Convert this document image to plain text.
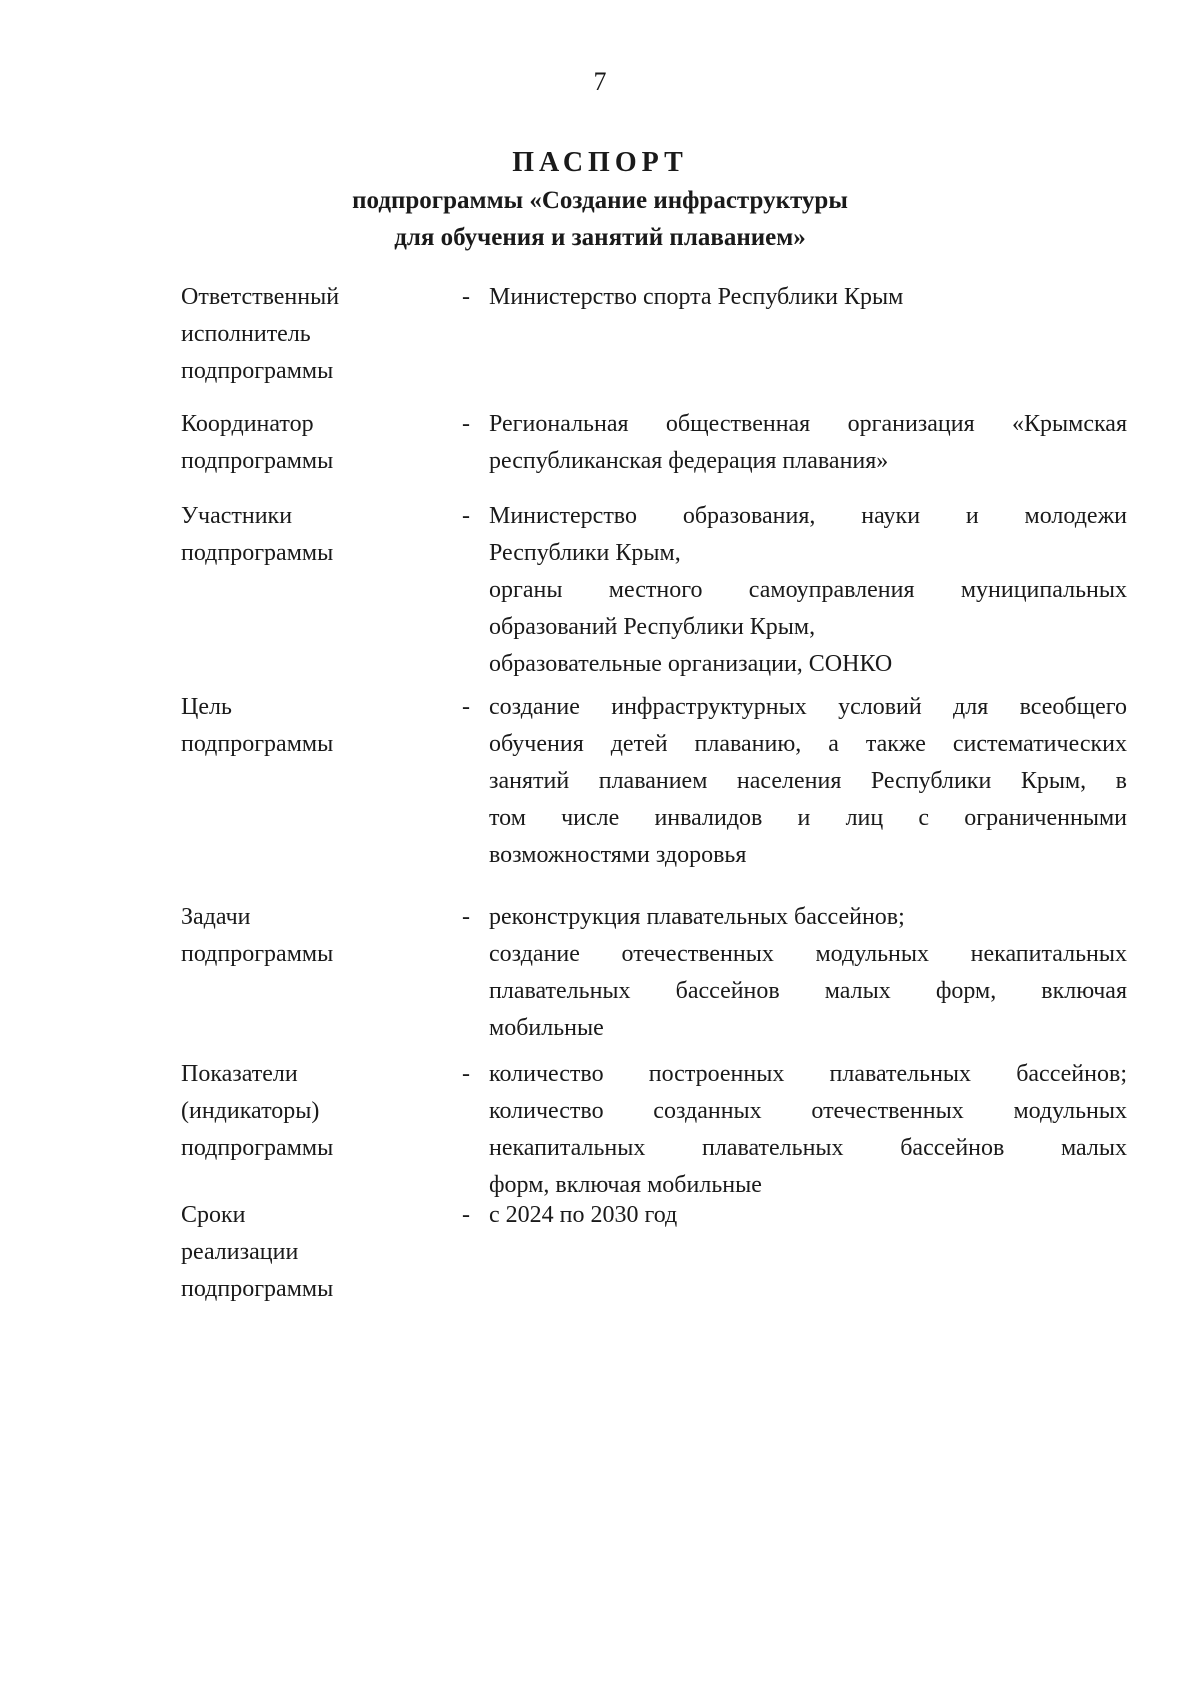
7
ПАСПОРТ
подпрограммы «Создание инфраструктуры
для обучения и занятий плаванием»
Ответственный
исполнитель
подпрограммы
- Министерство спорта Республики Крым
Координатор
подпрограммы
- Региональная общественная организация «Крымская
республиканская федерация плавания»
Участники
подпрограммы
- Министерство образования, науки и молодежи
Республики Крым,
органы местного самоуправления муниципальных
образований Республики Крым,
образовательные организации, СОНКО
Цель
подпрограммы
- создание инфраструктурных условий для всеобщего
обучения детей плаванию, а также систематических
занятий плаванием населения Республики Крым, в
том числе инвалидов и лиц с ограниченными
возможностями здоровья
Задачи
подпрограммы
- реконструкция плавательных бассейнов;
создание отечественных модульных некапитальных
плавательных бассейнов малых форм, включая
мобильные
Показатели
(индикаторы)
подпрограммы
- количество построенных плавательных бассейнов;
количество созданных отечественных модульных
некапитальных плавательных бассейнов малых
форм, включая мобильные
Сроки
реализации
подпрограммы
- с 2024 по 2030 год
